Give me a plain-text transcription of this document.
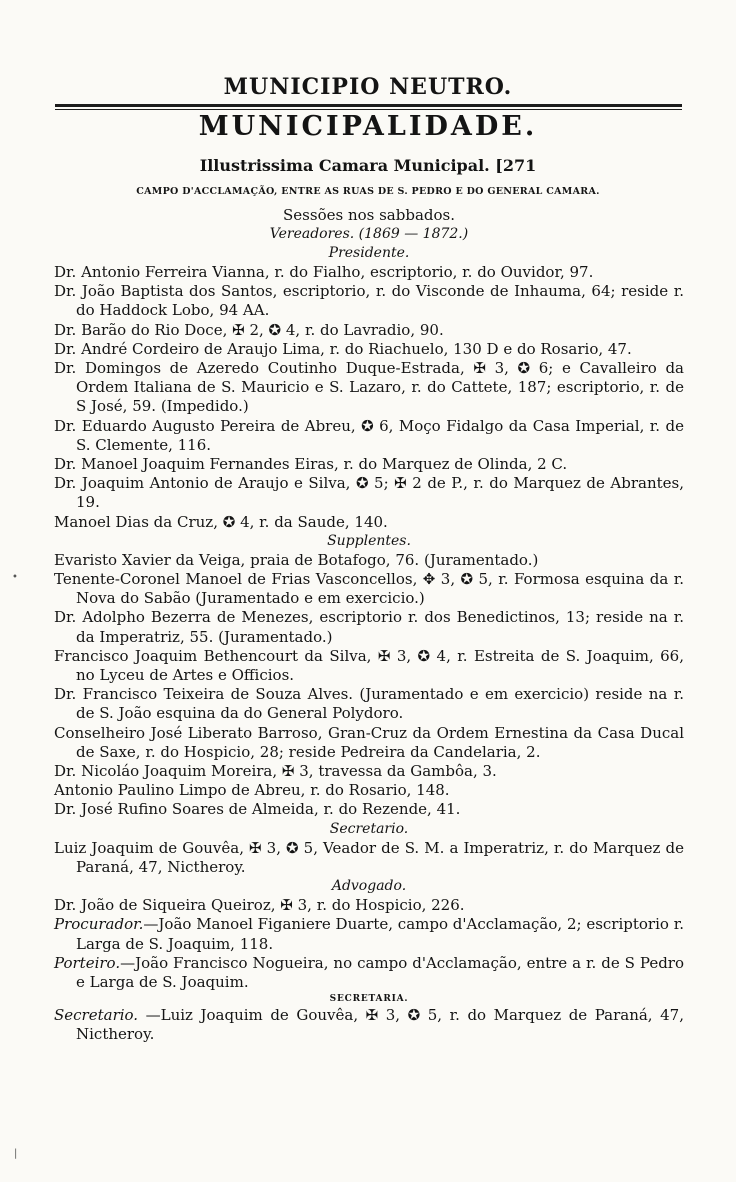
MUNICIPIO NEUTRO.
MUNICIPALIDADE.
Illustrissima Camara Municipal. [271
CAMPO D'ACCLAMAÇÃO, ENTRE AS RUAS DE S. PEDRO E DO GENERAL CAMARA.
Sessões nos sabbados.
Vereadores. (1869 — 1872.)
Presidente.
Dr. Antonio Ferreira Vianna, r. do Fialho, escriptorio, r. do Ouvidor, 97.
Dr. João Baptista dos Santos, escriptorio, r. do Visconde de Inhauma, 64; reside r. do Haddock Lobo, 94 AA.
Dr. Barão do Rio Doce, ✠ 2, ✪ 4, r. do Lavradio, 90.
Dr. André Cordeiro de Araujo Lima, r. do Riachuelo, 130 D e do Rosario, 47.
Dr. Domingos de Azeredo Coutinho Duque-Estrada, ✠ 3, ✪ 6; e Cavalleiro da Ordem Italiana de S. Mauricio e S. Lazaro, r. do Cattete, 187; escriptorio, r. de S José, 59. (Impedido.)
Dr. Eduardo Augusto Pereira de Abreu, ✪ 6, Moço Fidalgo da Casa Imperial, r. de S. Clemente, 116.
Dr. Manoel Joaquim Fernandes Eiras, r. do Marquez de Olinda, 2 C.
Dr. Joaquim Antonio de Araujo e Silva, ✪ 5; ✠ 2 de P., r. do Marquez de Abrantes, 19.
Manoel Dias da Cruz, ✪ 4, r. da Saude, 140.
Supplentes.
Evaristo Xavier da Veiga, praia de Botafogo, 76. (Juramentado.)
Tenente-Coronel Manoel de Frias Vasconcellos, ✥ 3, ✪ 5, r. Formosa esquina da r. Nova do Sabão (Juramentado e em exercicio.)
Dr. Adolpho Bezerra de Menezes, escriptorio r. dos Benedictinos, 13; reside na r. da Imperatriz, 55. (Juramentado.)
Francisco Joaquim Bethencourt da Silva, ✠ 3, ✪ 4, r. Estreita de S. Joaquim, 66, no Lyceu de Artes e Officios.
Dr. Francisco Teixeira de Souza Alves. (Juramentado e em exercicio) reside na r. de S. João esquina da do General Polydoro.
Conselheiro José Liberato Barroso, Gran-Cruz da Ordem Ernestina da Casa Ducal de Saxe, r. do Hospicio, 28; reside Pedreira da Candelaria, 2.
Dr. Nicoláo Joaquim Moreira, ✠ 3, travessa da Gambôa, 3.
Antonio Paulino Limpo de Abreu, r. do Rosario, 148.
Dr. José Rufino Soares de Almeida, r. do Rezende, 41.
Secretario.
Luiz Joaquim de Gouvêa, ✠ 3, ✪ 5, Veador de S. M. a Imperatriz, r. do Marquez de Paraná, 47, Nictheroy.
Advogado.
Dr. João de Siqueira Queiroz, ✠ 3, r. do Hospicio, 226.
Procurador.—João Manoel Figaniere Duarte, campo d'Acclamação, 2; escriptorio r. Larga de S. Joaquim, 118.
Porteiro.—João Francisco Nogueira, no campo d'Acclamação, entre a r. de S Pedro e Larga de S. Joaquim.
SECRETARIA.
Secretario. —Luiz Joaquim de Gouvêa, ✠ 3, ✪ 5, r. do Marquez de Paraná, 47, Nictheroy.
•
|
